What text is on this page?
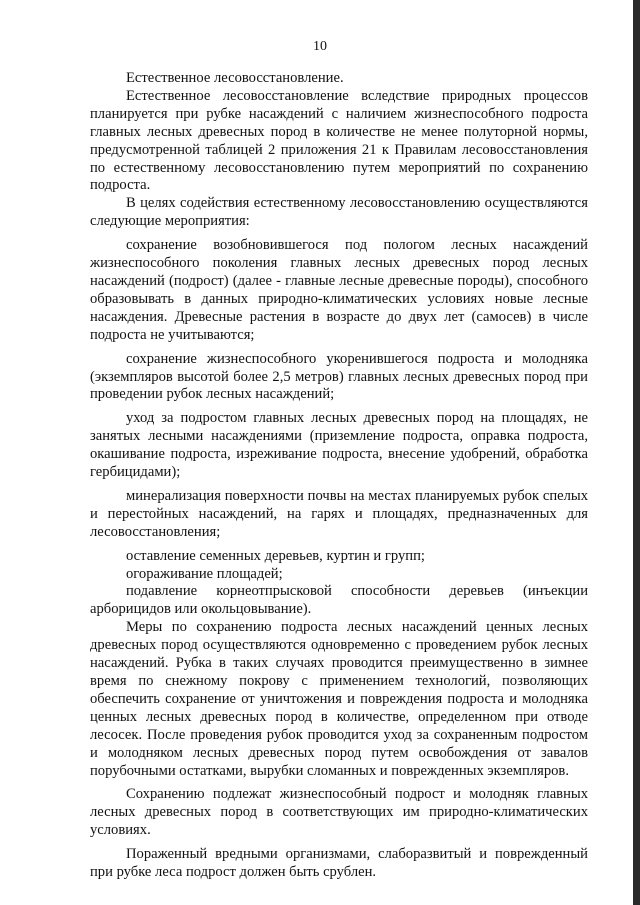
10

Естественное лесовосстановление.

Естественное лесовосстановление вследствие природных процессов планируется при рубке насаждений с наличием жизнеспособного подроста главных лесных древесных пород в количестве не менее полуторной нормы, предусмотренной таблицей 2 приложения 21 к Правилам лесовосстановления по естественному лесовосстановлению путем мероприятий по сохранению подроста.

В целях содействия естественному лесовосстановлению осуществляются следующие мероприятия:

сохранение возобновившегося под пологом лесных насаждений жизнеспособного поколения главных лесных древесных пород лесных насаждений (подрост) (далее - главные лесные древесные породы), способного образовывать в данных природно-климатических условиях новые лесные насаждения. Древесные растения в возрасте до двух лет (самосев) в числе подроста не учитываются;

сохранение жизнеспособного укоренившегося подроста и молодняка (экземпляров высотой более 2,5 метров) главных лесных древесных пород при проведении рубок лесных насаждений;

уход за подростом главных лесных древесных пород на площадях, не занятых лесными насаждениями (приземление подроста, оправка подроста, окашивание подроста, изреживание подроста, внесение удобрений, обработка гербицидами);

минерализация поверхности почвы на местах планируемых рубок спелых и перестойных насаждений, на гарях и площадях, предназначенных для лесовосстановления;

оставление семенных деревьев, куртин и групп;

огораживание площадей;

подавление корнеотпрысковой способности деревьев (инъекции арборицидов или окольцовывание).

Меры по сохранению подроста лесных насаждений ценных лесных древесных пород осуществляются одновременно с проведением рубок лесных насаждений. Рубка в таких случаях проводится преимущественно в зимнее время по снежному покрову с применением технологий, позволяющих обеспечить сохранение от уничтожения и повреждения подроста и молодняка ценных лесных древесных пород в количестве, определенном при отводе лесосек. После проведения рубок проводится уход за сохраненным подростом и молодняком лесных древесных пород путем освобождения от завалов порубочными остатками, вырубки сломанных и поврежденных экземпляров.

Сохранению подлежат жизнеспособный подрост и молодняк главных лесных древесных пород в соответствующих им природно-климатических условиях.

Пораженный вредными организмами, слаборазвитый и поврежденный при рубке леса подрост должен быть срублен.
